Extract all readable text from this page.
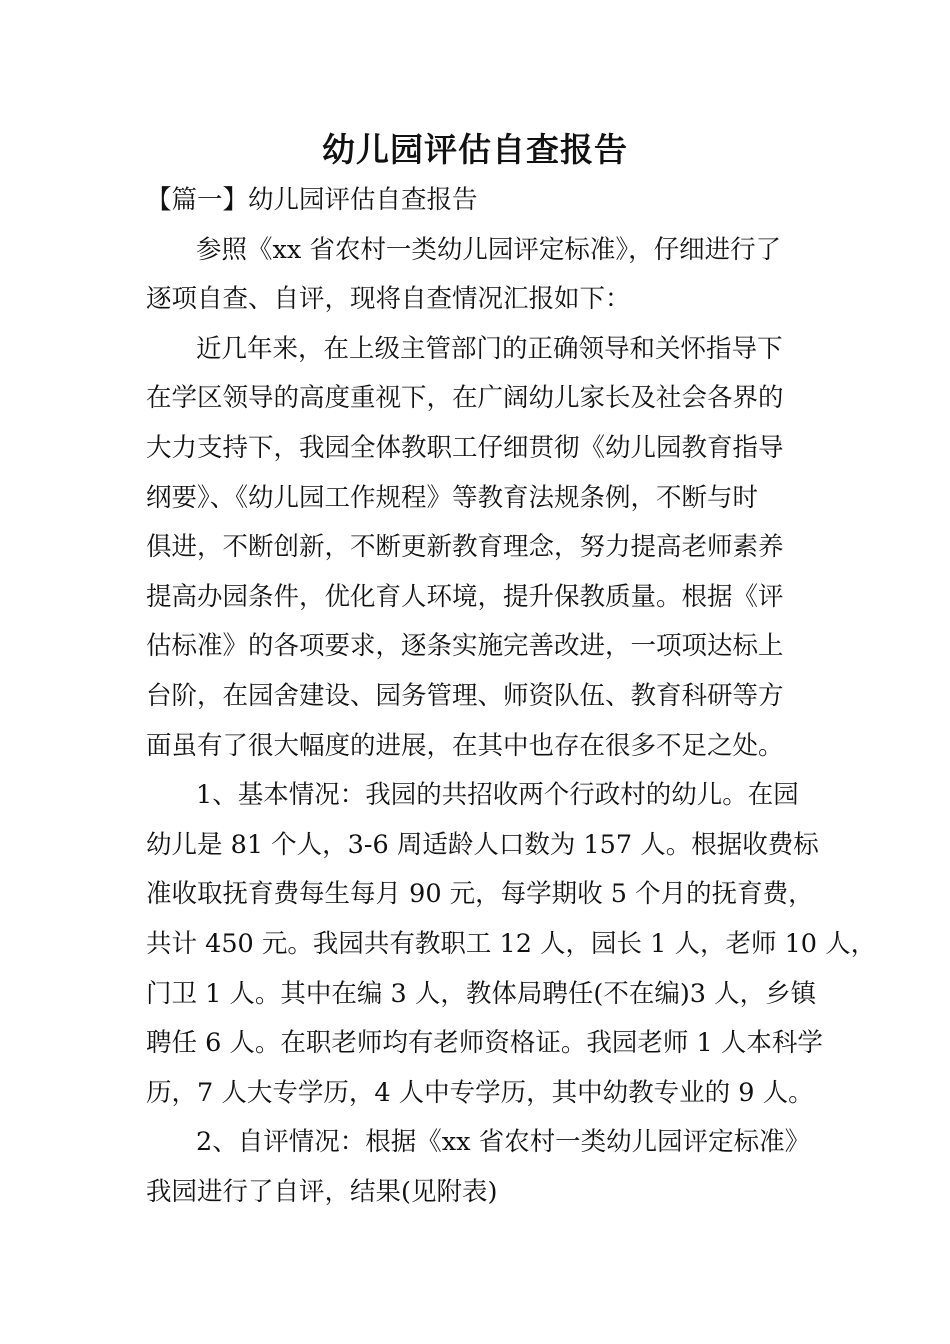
幼儿园评估自查报告
【篇一】幼儿园评估自查报告
参照《xx 省农村一类幼儿园评定标准》，仔细进行了
逐项自查、自评，现将自查情况汇报如下：
近几年来，在上级主管部门的正确领导和关怀指导下
在学区领导的高度重视下，在广阔幼儿家长及社会各界的
大力支持下，我园全体教职工仔细贯彻《幼儿园教育指导
纲要》、《幼儿园工作规程》等教育法规条例，不断与时
俱进，不断创新，不断更新教育理念，努力提高老师素养
提高办园条件，优化育人环境，提升保教质量。根据《评
估标准》的各项要求，逐条实施完善改进，一项项达标上
台阶，在园舍建设、园务管理、师资队伍、教育科研等方
面虽有了很大幅度的进展，在其中也存在很多不足之处。
1、基本情况：我园的共招收两个行政村的幼儿。在园
幼儿是 81 个人，3-6 周适龄人口数为 157 人。根据收费标
准收取抚育费每生每月 90 元，每学期收 5 个月的抚育费，
共计 450 元。我园共有教职工 12 人，园长 1 人，老师 10 人，
门卫 1 人。其中在编 3 人，教体局聘任(不在编)3 人，乡镇
聘任 6 人。在职老师均有老师资格证。我园老师 1 人本科学
历，7 人大专学历，4 人中专学历，其中幼教专业的 9 人。
2、自评情况：根据《xx 省农村一类幼儿园评定标准》
我园进行了自评，结果(见附表)
